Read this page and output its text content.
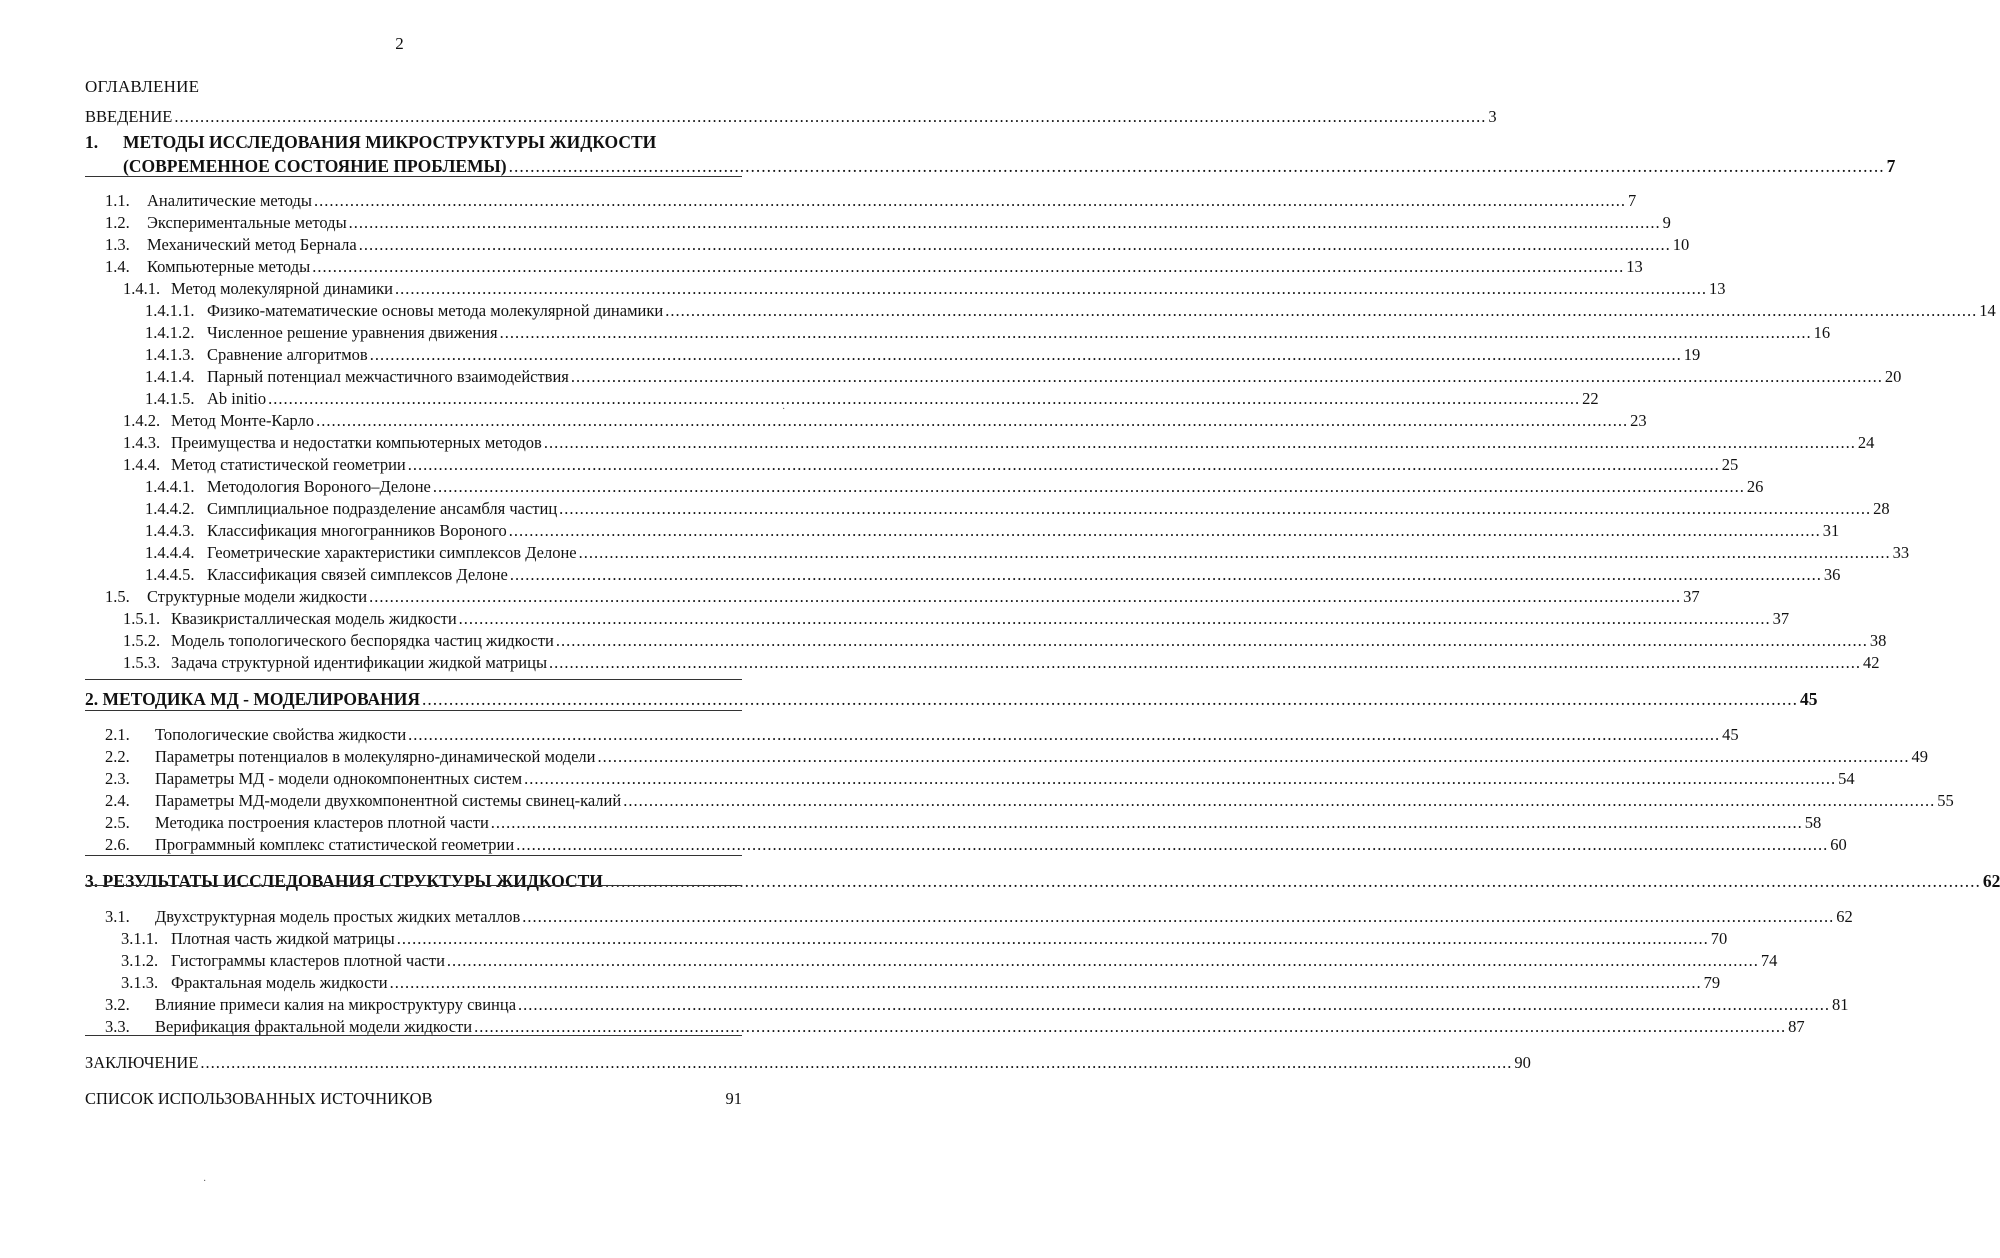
2
ОГЛАВЛЕНИЕ
ВВЕДЕНИЕ .....	3
1.	МЕТОДЫ ИССЛЕДОВАНИЯ МИКРОСТРУКТУРЫ ЖИДКОСТИ
(СОВРЕМЕННОЕ СОСТОЯНИЕ ПРОБЛЕМЫ) .....	7
1.1.	Аналитические методы .....	7
1.2.	Экспериментальные методы .....	9
1.3.	Механический метод Бернала .....	10
1.4.	Компьютерные методы .....	13
1.4.1. Метод молекулярной динамики .....	13
1.4.1.1. Физико-математические основы метода молекулярной динамики .....	14
1.4.1.2. Численное решение уравнения движения .....	16
1.4.1.3. Сравнение алгоритмов .....	19
1.4.1.4. Парный потенциал межчастичного взаимодействия .....	20
1.4.1.5. Ab initio .....	22
1.4.2. Метод Монте-Карло .....	23
1.4.3. Преимущества и недостатки компьютерных методов .....	24
1.4.4. Метод статистической геометрии .....	25
1.4.4.1. Методология Вороного–Делоне .....	26
1.4.4.2. Симплициальное подразделение ансамбля частиц .....	28
1.4.4.3. Классификация многогранников Вороного .....	31
1.4.4.4. Геометрические характеристики симплексов Делоне .....	33
1.4.4.5. Классификация связей симплексов Делоне .....	36
1.5.	Структурные модели жидкости .....	37
1.5.1. Квазикристаллическая модель жидкости .....	37
1.5.2. Модель топологического беспорядка частиц жидкости .....	38
1.5.3. Задача структурной идентификации жидкой матрицы .....	42
2. МЕТОДИКА МД - МОДЕЛИРОВАНИЯ .....	45
2.1.	Топологические свойства жидкости .....	45
2.2.	Параметры потенциалов в молекулярно-динамической модели .....	49
2.3.	Параметры МД - модели однокомпонентных систем .....	54
2.4.	Параметры МД-модели двухкомпонентной системы свинец-калий .....	55
2.5.	Методика построения кластеров плотной части .....	58
2.6.	Программный комплекс статистической геометрии .....	60
3. РЕЗУЛЬТАТЫ ИССЛЕДОВАНИЯ СТРУКТУРЫ ЖИДКОСТИ .....	62
3.1.	Двухструктурная модель простых жидких металлов .....	62
3.1.1. Плотная часть жидкой матрицы .....	70
3.1.2. Гистограммы кластеров плотной части .....	74
3.1.3. Фрактальная модель жидкости .....	79
3.2.	Влияние примеси калия на микроструктуру свинца .....	81
3.3.	Верификация фрактальной модели жидкости .....	87
ЗАКЛЮЧЕНИЕ .....	90
СПИСОК ИСПОЛЬЗОВАННЫХ ИСТОЧНИКОВ	91
·
·
